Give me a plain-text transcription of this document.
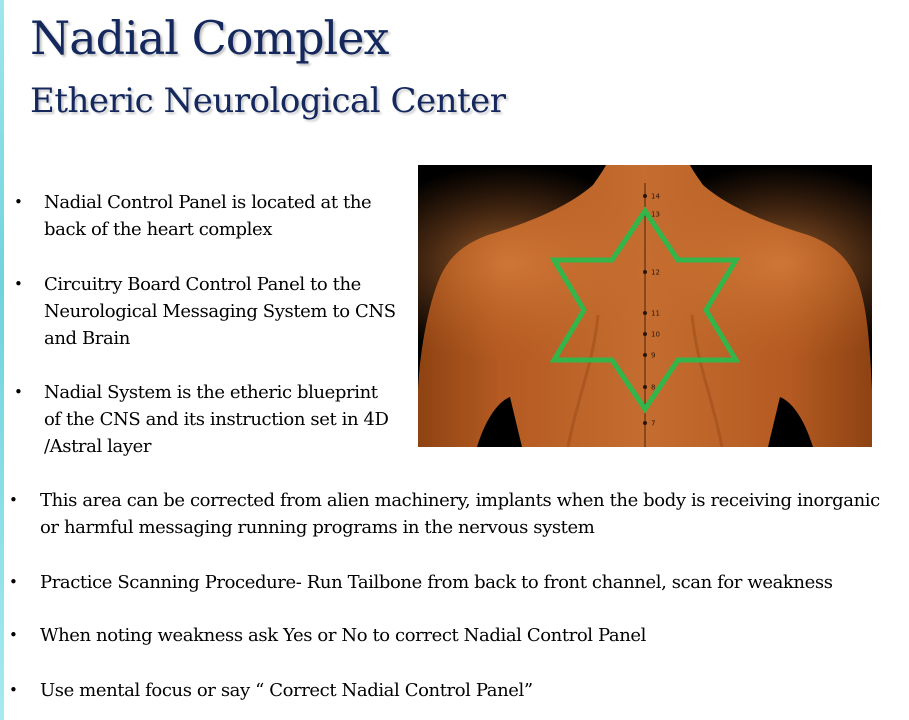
Nadial Complex
Etheric Neurological Center
• Nadial Control Panel is located at the back of the heart complex
• Circuitry Board Control Panel to the Neurological Messaging System to CNS and Brain
• Nadial System is the etheric blueprint of the CNS and its instruction set in 4D /Astral layer
• This area can be corrected from alien machinery, implants when the body is receiving inorganic or harmful messaging running programs in the nervous system
• Practice Scanning Procedure- Run Tailbone from back to front channel, scan for weakness
• When noting weakness ask Yes or No to correct Nadial Control Panel
• Use mental focus or say “ Correct Nadial Control Panel”
14
13
12
11
10
9
8
7
